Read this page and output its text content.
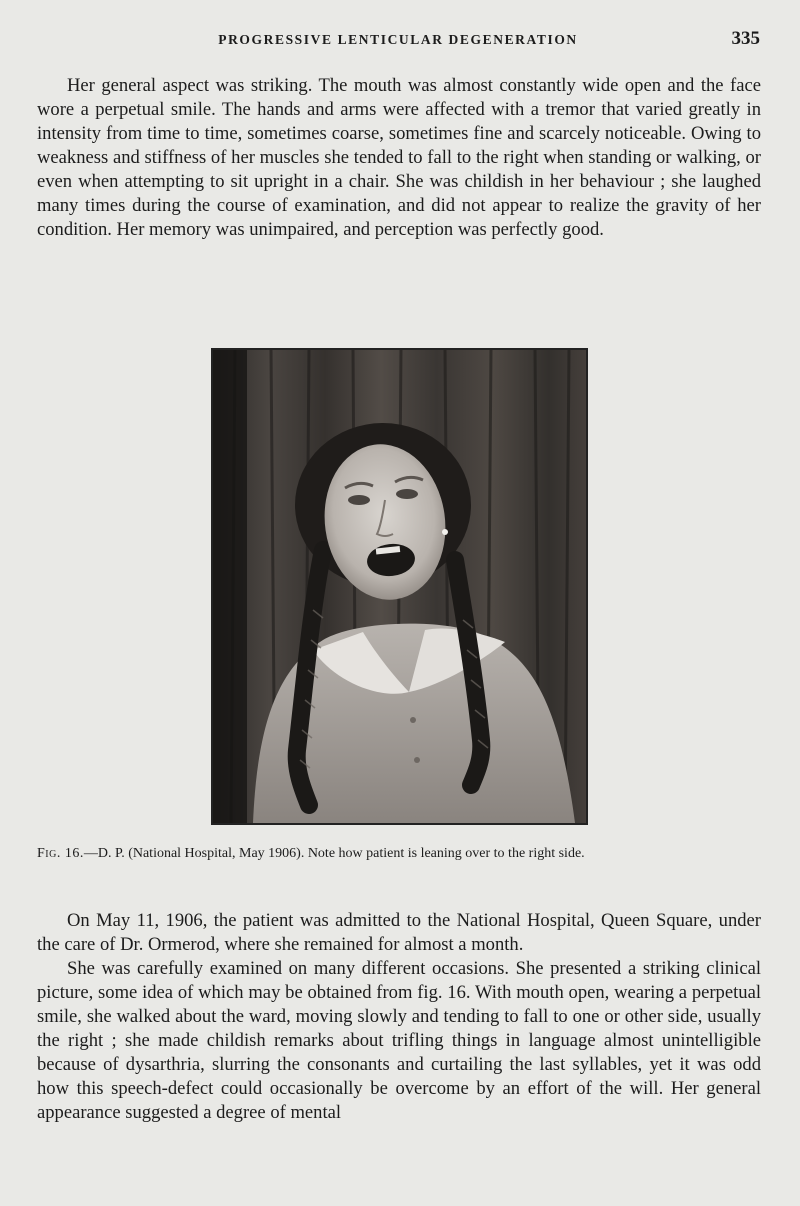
PROGRESSIVE LENTICULAR DEGENERATION	335

Her general aspect was striking. The mouth was almost constantly wide open and the face wore a perpetual smile. The hands and arms were affected with a tremor that varied greatly in intensity from time to time, sometimes coarse, sometimes fine and scarcely noticeable. Owing to weakness and stiffness of her muscles she tended to fall to the right when standing or walking, or even when attempting to sit upright in a chair. She was childish in her behaviour ; she laughed many times during the course of examination, and did not appear to realize the gravity of her condition. Her memory was unimpaired, and perception was perfectly good.

Fig. 16.—D. P. (National Hospital, May 1906). Note how patient is leaning over to the right side.

On May 11, 1906, the patient was admitted to the National Hospital, Queen Square, under the care of Dr. Ormerod, where she remained for almost a month.

She was carefully examined on many different occasions. She presented a striking clinical picture, some idea of which may be obtained from fig. 16. With mouth open, wearing a perpetual smile, she walked about the ward, moving slowly and tending to fall to one or other side, usually the right ; she made childish remarks about trifling things in language almost unintelligible because of dysarthria, slurring the consonants and curtailing the last syllables, yet it was odd how this speech-defect could occasionally be overcome by an effort of the will. Her general appearance suggested a degree of mental
